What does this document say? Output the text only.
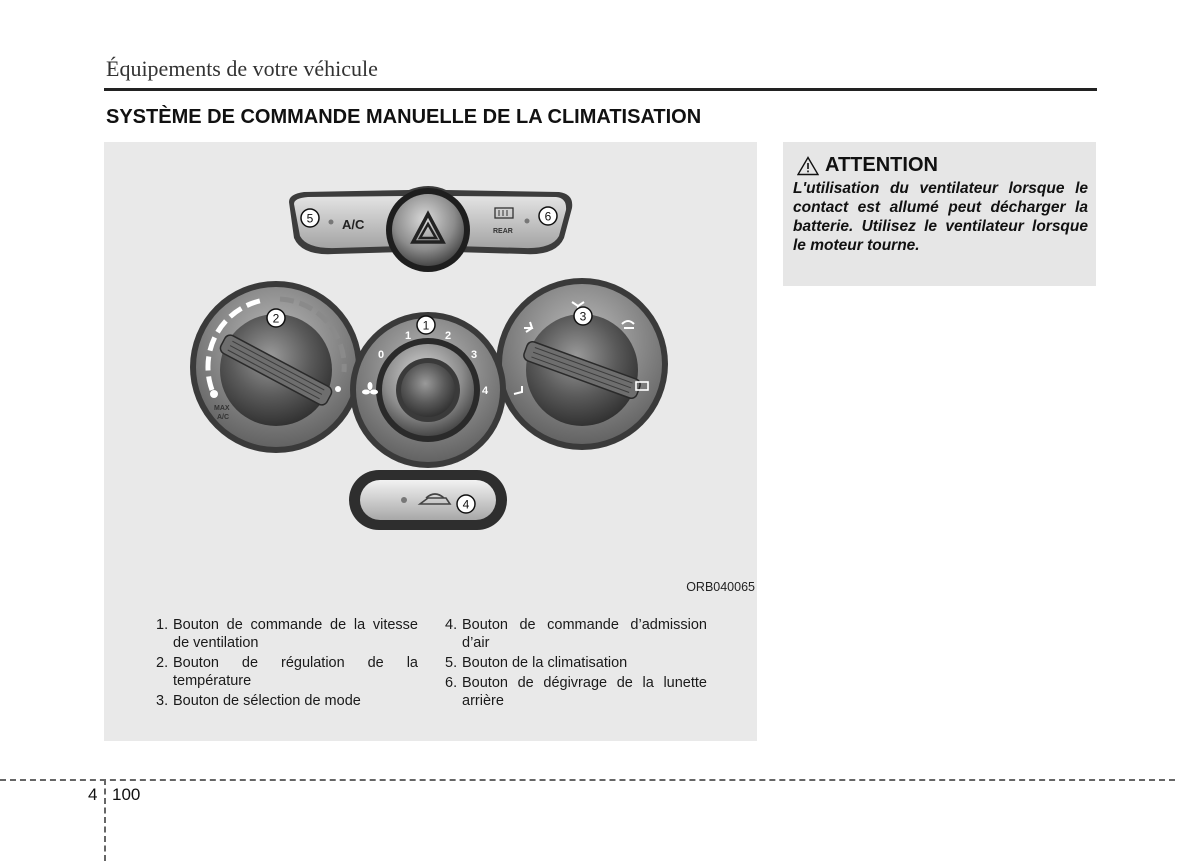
Équipements de votre véhicule
SYSTÈME DE COMMANDE MANUELLE DE LA CLIMATISATION
A/C	REAR
MAX
A/C
0
1	2
3
4
5	6
2	1
3
4
ORB040065
1. Bouton de commande de la vitesse de ventilation
2. Bouton de régulation de la température
3. Bouton de sélection de mode
4. Bouton de commande d’admission d’air
5. Bouton de la climatisation
6. Bouton de dégivrage de la lunette arrière
ATTENTION
L'utilisation du ventilateur lorsque le contact est allumé peut décharger la batterie. Utilisez le ventilateur lorsque le moteur tourne.
4 100
